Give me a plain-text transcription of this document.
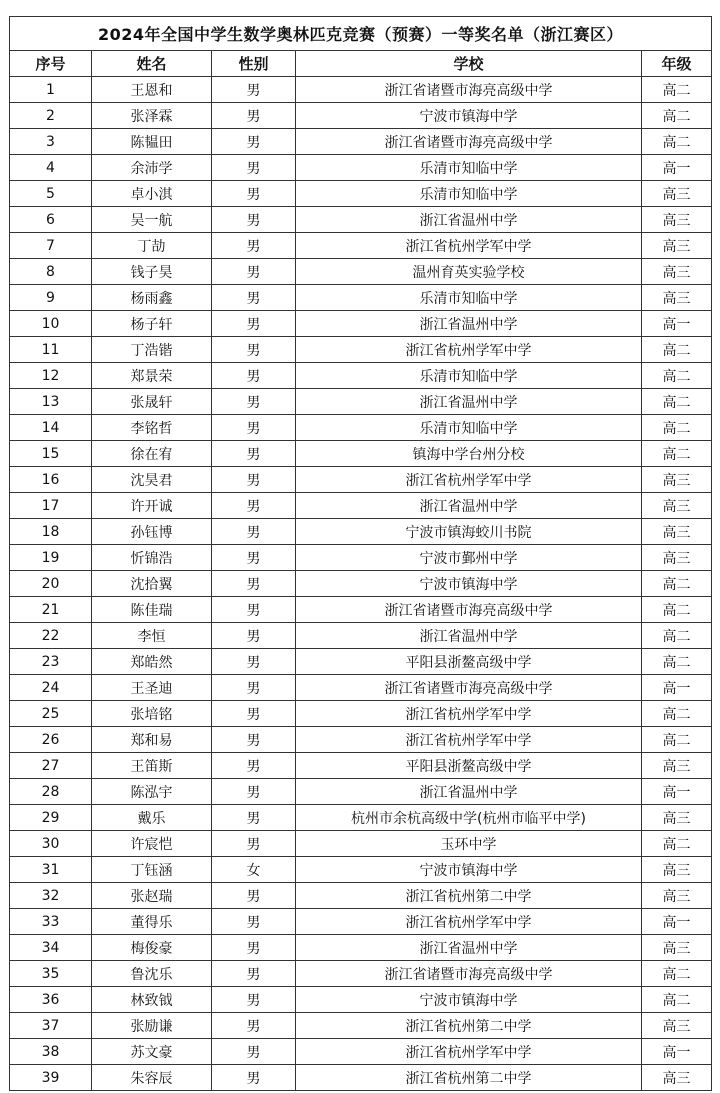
2024年全国中学生数学奥林匹克竞赛（预赛）一等奖名单（浙江赛区）				
序号	姓名	性别	学校	年级
1	王恩和	男	浙江省诸暨市海亮高级中学	高二
2	张泽霖	男	宁波市镇海中学	高二
3	陈韫田	男	浙江省诸暨市海亮高级中学	高二
4	余沛学	男	乐清市知临中学	高一
5	卓小淇	男	乐清市知临中学	高三
6	吴一航	男	浙江省温州中学	高三
7	丁劼	男	浙江省杭州学军中学	高三
8	钱子昊	男	温州育英实验学校	高三
9	杨雨鑫	男	乐清市知临中学	高三
10	杨子轩	男	浙江省温州中学	高一
11	丁浩锴	男	浙江省杭州学军中学	高二
12	郑景荣	男	乐清市知临中学	高二
13	张晟轩	男	浙江省温州中学	高二
14	李铭哲	男	乐清市知临中学	高二
15	徐在宥	男	镇海中学台州分校	高二
16	沈昊君	男	浙江省杭州学军中学	高三
17	许开诚	男	浙江省温州中学	高三
18	孙钰博	男	宁波市镇海蛟川书院	高三
19	忻锦浩	男	宁波市鄞州中学	高三
20	沈拾翼	男	宁波市镇海中学	高二
21	陈佳瑞	男	浙江省诸暨市海亮高级中学	高二
22	李恒	男	浙江省温州中学	高二
23	郑皓然	男	平阳县浙鳌高级中学	高二
24	王圣迪	男	浙江省诸暨市海亮高级中学	高一
25	张培铭	男	浙江省杭州学军中学	高二
26	郑和易	男	浙江省杭州学军中学	高二
27	王笛斯	男	平阳县浙鳌高级中学	高三
28	陈泓宇	男	浙江省温州中学	高一
29	戴乐	男	杭州市余杭高级中学(杭州市临平中学)	高三
30	许宸恺	男	玉环中学	高二
31	丁钰涵	女	宁波市镇海中学	高三
32	张赵瑞	男	浙江省杭州第二中学	高三
33	董得乐	男	浙江省杭州学军中学	高一
34	梅俊豪	男	浙江省温州中学	高三
35	鲁沈乐	男	浙江省诸暨市海亮高级中学	高二
36	林致钺	男	宁波市镇海中学	高二
37	张励谦	男	浙江省杭州第二中学	高三
38	苏文豪	男	浙江省杭州学军中学	高一
39	朱容辰	男	浙江省杭州第二中学	高三
